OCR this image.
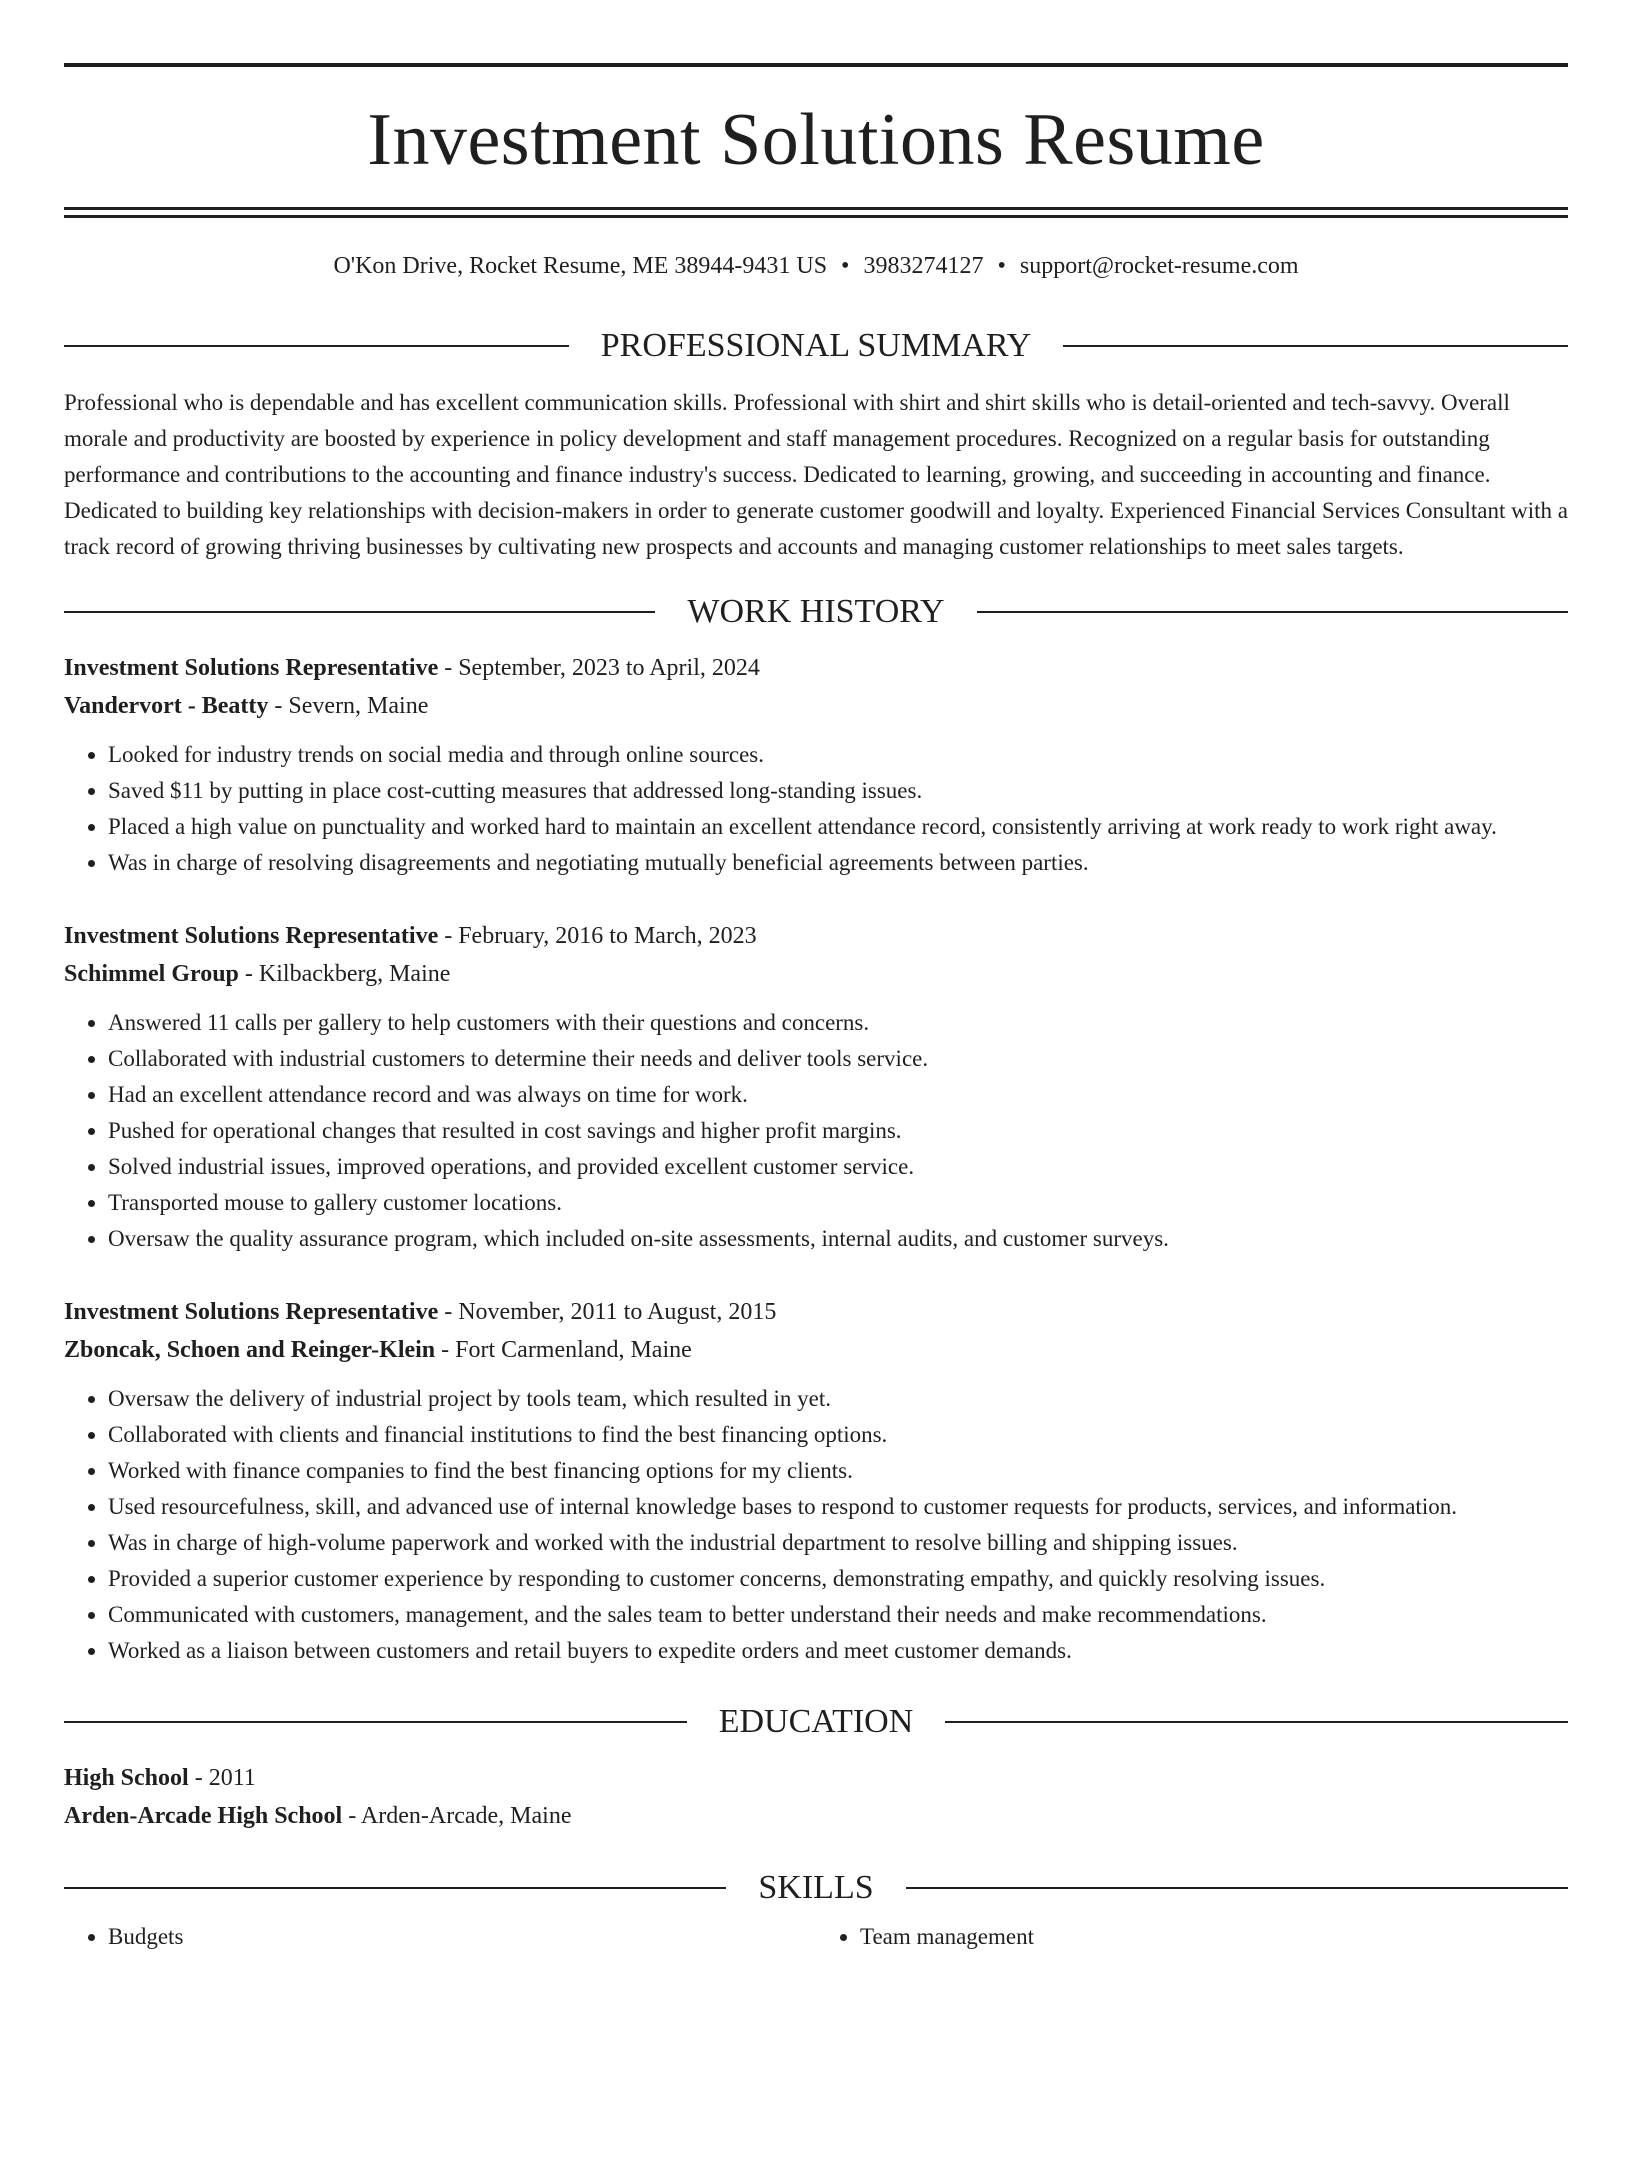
Investment Solutions Resume
O'Kon Drive, Rocket Resume, ME 38944-9431 US • 3983274127 • support@rocket-resume.com
PROFESSIONAL SUMMARY

Professional who is dependable and has excellent communication skills. Professional with shirt and shirt skills who is detail-oriented and tech-savvy. Overall morale and productivity are boosted by experience in policy development and staff management procedures. Recognized on a regular basis for outstanding performance and contributions to the accounting and finance industry's success. Dedicated to learning, growing, and succeeding in accounting and finance. Dedicated to building key relationships with decision-makers in order to generate customer goodwill and loyalty. Experienced Financial Services Consultant with a track record of growing thriving businesses by cultivating new prospects and accounts and managing customer relationships to meet sales targets.

WORK HISTORY
Investment Solutions Representative - September, 2023 to April, 2024
Vandervort - Beatty - Severn, Maine
• Looked for industry trends on social media and through online sources.
• Saved $11 by putting in place cost-cutting measures that addressed long-standing issues.
• Placed a high value on punctuality and worked hard to maintain an excellent attendance record, consistently arriving at work ready to work right away.
• Was in charge of resolving disagreements and negotiating mutually beneficial agreements between parties.
Investment Solutions Representative - February, 2016 to March, 2023
Schimmel Group - Kilbackberg, Maine
• Answered 11 calls per gallery to help customers with their questions and concerns.
• Collaborated with industrial customers to determine their needs and deliver tools service.
• Had an excellent attendance record and was always on time for work.
• Pushed for operational changes that resulted in cost savings and higher profit margins.
• Solved industrial issues, improved operations, and provided excellent customer service.
• Transported mouse to gallery customer locations.
• Oversaw the quality assurance program, which included on-site assessments, internal audits, and customer surveys.
Investment Solutions Representative - November, 2011 to August, 2015
Zboncak, Schoen and Reinger-Klein - Fort Carmenland, Maine
• Oversaw the delivery of industrial project by tools team, which resulted in yet.
• Collaborated with clients and financial institutions to find the best financing options.
• Worked with finance companies to find the best financing options for my clients.
• Used resourcefulness, skill, and advanced use of internal knowledge bases to respond to customer requests for products, services, and information.
• Was in charge of high-volume paperwork and worked with the industrial department to resolve billing and shipping issues.
• Provided a superior customer experience by responding to customer concerns, demonstrating empathy, and quickly resolving issues.
• Communicated with customers, management, and the sales team to better understand their needs and make recommendations.
• Worked as a liaison between customers and retail buyers to expedite orders and meet customer demands.
EDUCATION
High School - 2011
Arden-Arcade High School - Arden-Arcade, Maine
SKILLS
• Budgets
•	Team management
